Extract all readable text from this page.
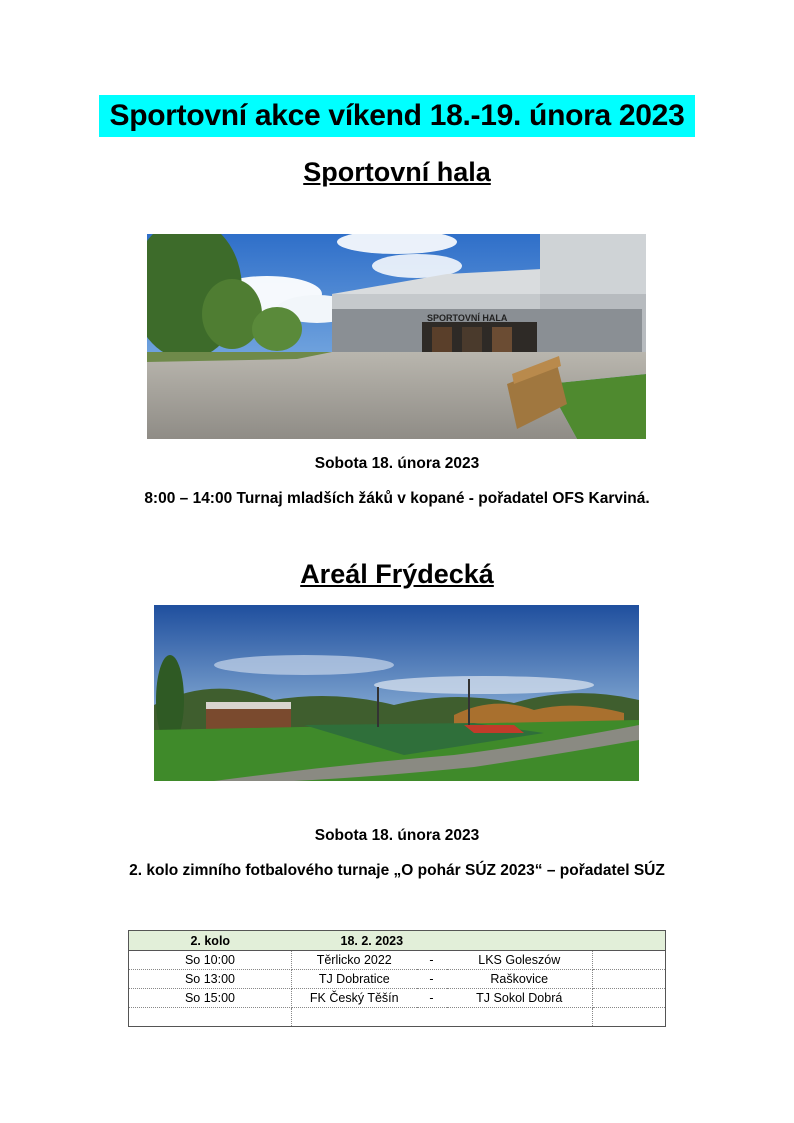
Sportovní akce víkend 18.-19. února 2023
Sportovní hala
SPORTOVNÍ HALA
Sobota 18. února 2023
8:00 – 14:00 Turnaj mladších žáků v kopané - pořadatel OFS Karviná.
Areál Frýdecká
Sobota 18. února 2023
2. kolo zimního fotbalového turnaje „O pohár SÚZ 2023“ – pořadatel SÚZ
2. kolo	18. 2. 2023			
So 10:00	Těrlicko 2022	-	LKS Goleszów	
So 13:00	TJ Dobratice	-	Raškovice	
So 15:00	FK Český Těšín	-	TJ Sokol Dobrá	
